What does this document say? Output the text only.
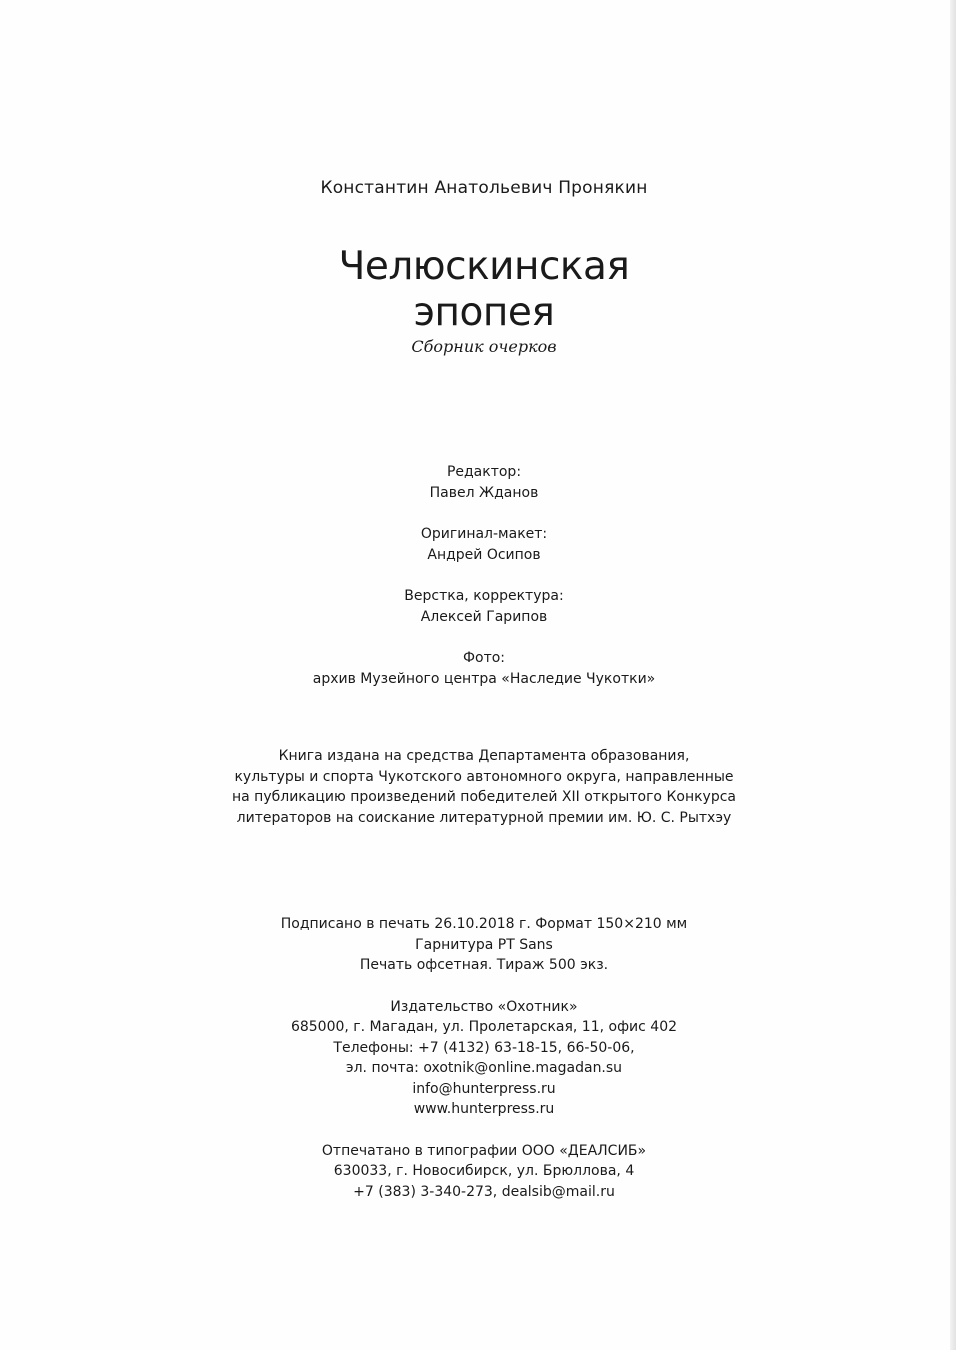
Константин Анатольевич Пронякин
Челюскинская
эпопея
Сборник очерков

Редактор:

Павел Жданов

Оригинал-макет:

Андрей Осипов

Верстка, корректура:

Алексей Гарипов

Фото:

архив Музейного центра «Наследие Чукотки»

Книга издана на средства Департамента образования,

культуры и спорта Чукотского автономного округа, направленные

на публикацию произведений победителей XII открытого Конкурса

литераторов на соискание литературной премии им. Ю. С. Рытхэу

Подписано в печать 26.10.2018 г. Формат 150×210 мм

Гарнитура PT Sans

Печать офсетная. Тираж 500 экз.

Издательство «Охотник»

685000, г. Магадан, ул. Пролетарская, 11, офис 402

Телефоны: +7 (4132) 63-18-15, 66-50-06,

эл. почта: oxotnik@online.magadan.su

info@hunterpress.ru

www.hunterpress.ru

Отпечатано в типографии ООО «ДЕАЛСИБ»

630033, г. Новосибирск, ул. Брюллова, 4

+7 (383) 3-340-273, dealsib@mail.ru
